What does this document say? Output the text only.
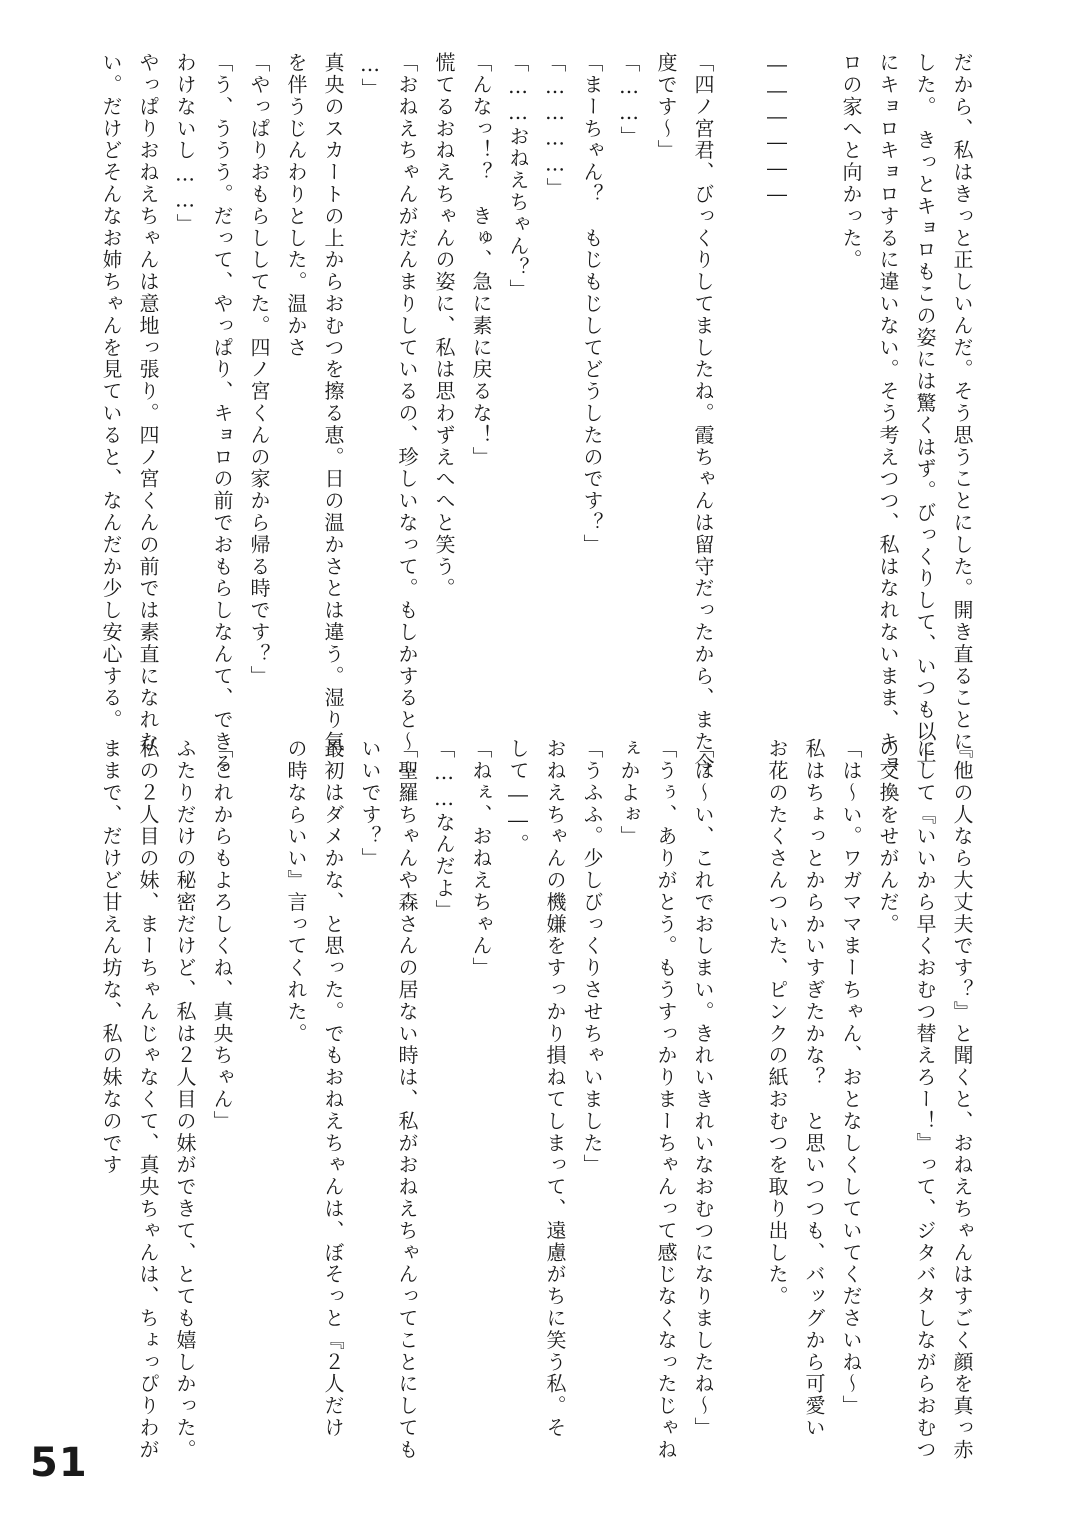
だから、私はきっと正しいんだ。そう思うことにした。開き直ることに
した。　きっとキョロもこの姿には驚くはず。びっくりして、いつも以上
にキョロキョロするに違いない。そう考えつつ、私はなれないまま、キョ
ロの家へと向かった。

――――――

「四ノ宮君、びっくりしてましたね。霞ちゃんは留守だったから、また今
度です～」
「……」
「まーちゃん？　もじもじしてどうしたのです？」
「…………」
「……おねえちゃん？」
「んなっ！？　きゅ、急に素に戻るな！」
慌てるおねえちゃんの姿に、私は思わずえへへと笑う。
「おねえちゃんがだんまりしているの、珍しいなって。もしかすると～…
…」
真央のスカートの上からおむつを擦る恵。日の温かさとは違う。湿り気
を伴うじんわりとした。温かさ
「やっぱりおもらししてた。四ノ宮くんの家から帰る時です？」
「う、ううう。だって、やっぱり、キョロの前でおもらしなんて、できる
わけないし……」
やっぱりおねえちゃんは意地っ張り。四ノ宮くんの前では素直になれな
い。だけどそんなお姉ちゃんを見ていると、なんだか少し安心する。

『他の人なら大丈夫です？』と聞くと、おねえちゃんはすごく顔を真っ赤
にして『いいから早くおむつ替えろー！』って、ジタバタしながらおむつ
の交換をせがんだ。
「は～い。ワガママまーちゃん、おとなしくしていてくださいね～」
私はちょっとからかいすぎたかな？　と思いつつも、バッグから可愛い
お花のたくさんついた、ピンクの紙おむつを取り出した。

「は～い、これでおしまい。きれいきれいなおむつになりましたね～」
「うぅ、ありがとう。もうすっかりまーちゃんって感じなくなったじゃね
ぇかよぉ」
「うふふ。少しびっくりさせちゃいました」
おねえちゃんの機嫌をすっかり損ねてしまって、遠慮がちに笑う私。そ
して――。
「ねぇ、おねえちゃん」
「……なんだよ」
「聖羅ちゃんや森さんの居ない時は、私がおねえちゃんってことにしても
いいです？」
最初はダメかな、と思った。でもおねえちゃんは、ぼそっと『２人だけ
の時ならいい』言ってくれた。

「これからもよろしくね、真央ちゃん」
ふたりだけの秘密だけど、私は２人目の妹ができて、とても嬉しかった。
私の２人目の妹、まーちゃんじゃなくて、真央ちゃんは、ちょっぴりわが
ままで、だけど甘えん坊な、私の妹なのです

51
